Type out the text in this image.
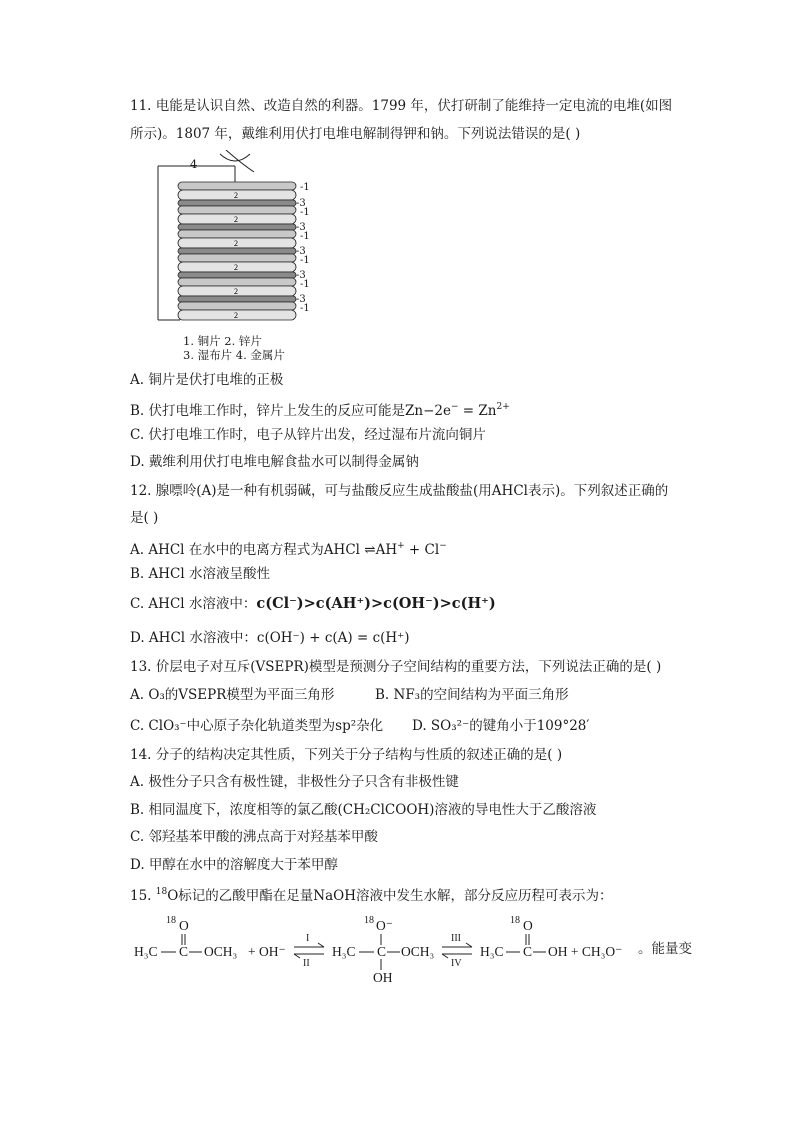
11. 电能是认识自然、改造自然的利器。1799 年，伏打研制了能维持一定电流的电堆(如图
所示)。1807 年，戴维利用伏打电堆电解制得钾和钠。下列说法错误的是( )
2
2
2
2
2
2
4
-1
-3
-1
-3
-1
-3
-1
-3
-1
-3
-1
1. 铜片 2. 锌片
3. 湿布片 4. 金属片
A. 铜片是伏打电堆的正极
B. 伏打电堆工作时，锌片上发生的反应可能是$Zn-2e^- = Zn^{2+}$
C. 伏打电堆工作时，电子从锌片出发，经过湿布片流向铜片
D. 戴维利用伏打电堆电解食盐水可以制得金属钠
12. 腺嘌呤(A)是一种有机弱碱，可与盐酸反应生成盐酸盐(用AHCl表示)。下列叙述正确的
是( )
A. AHCl 在水中的电离方程式为AHCl ⇌AH+ + Cl−
B. AHCl 水溶液呈酸性
C. AHCl 水溶液中：c(Cl⁻)>c(AH⁺)>c(OH⁻)>c(H⁺)
D. AHCl 水溶液中：c(OH⁻) + c(A) = c(H⁺)
13. 价层电子对互斥(VSEPR)模型是预测分子空间结构的重要方法，下列说法正确的是( )
A. O₃的VSEPR模型为平面三角形	B. NF₃的空间结构为平面三角形
C. ClO₃⁻中心原子杂化轨道类型为sp²杂化 D. SO₃²⁻的键角小于109°28′
14. 分子的结构决定其性质，下列关于分子结构与性质的叙述正确的是( )
A. 极性分子只含有极性键，非极性分子只含有非极性键
B. 相同温度下，浓度相等的氯乙酸(CH₂ClCOOH)溶液的导电性大于乙酸溶液
C. 邻羟基苯甲酸的沸点高于对羟基苯甲酸
D. 甲醇在水中的溶解度大于苯甲醇
15. $^{18}$O标记的乙酸甲酯在足量NaOH溶液中发生水解，部分反应历程可表示为：
18 O
H₃C C OCH₃ + OH⁻
I
II
18 O⁻
H₃C C OCH₃
OH
III
IV
18 O
H₃C C OH + CH₃O⁻ 。能量变
